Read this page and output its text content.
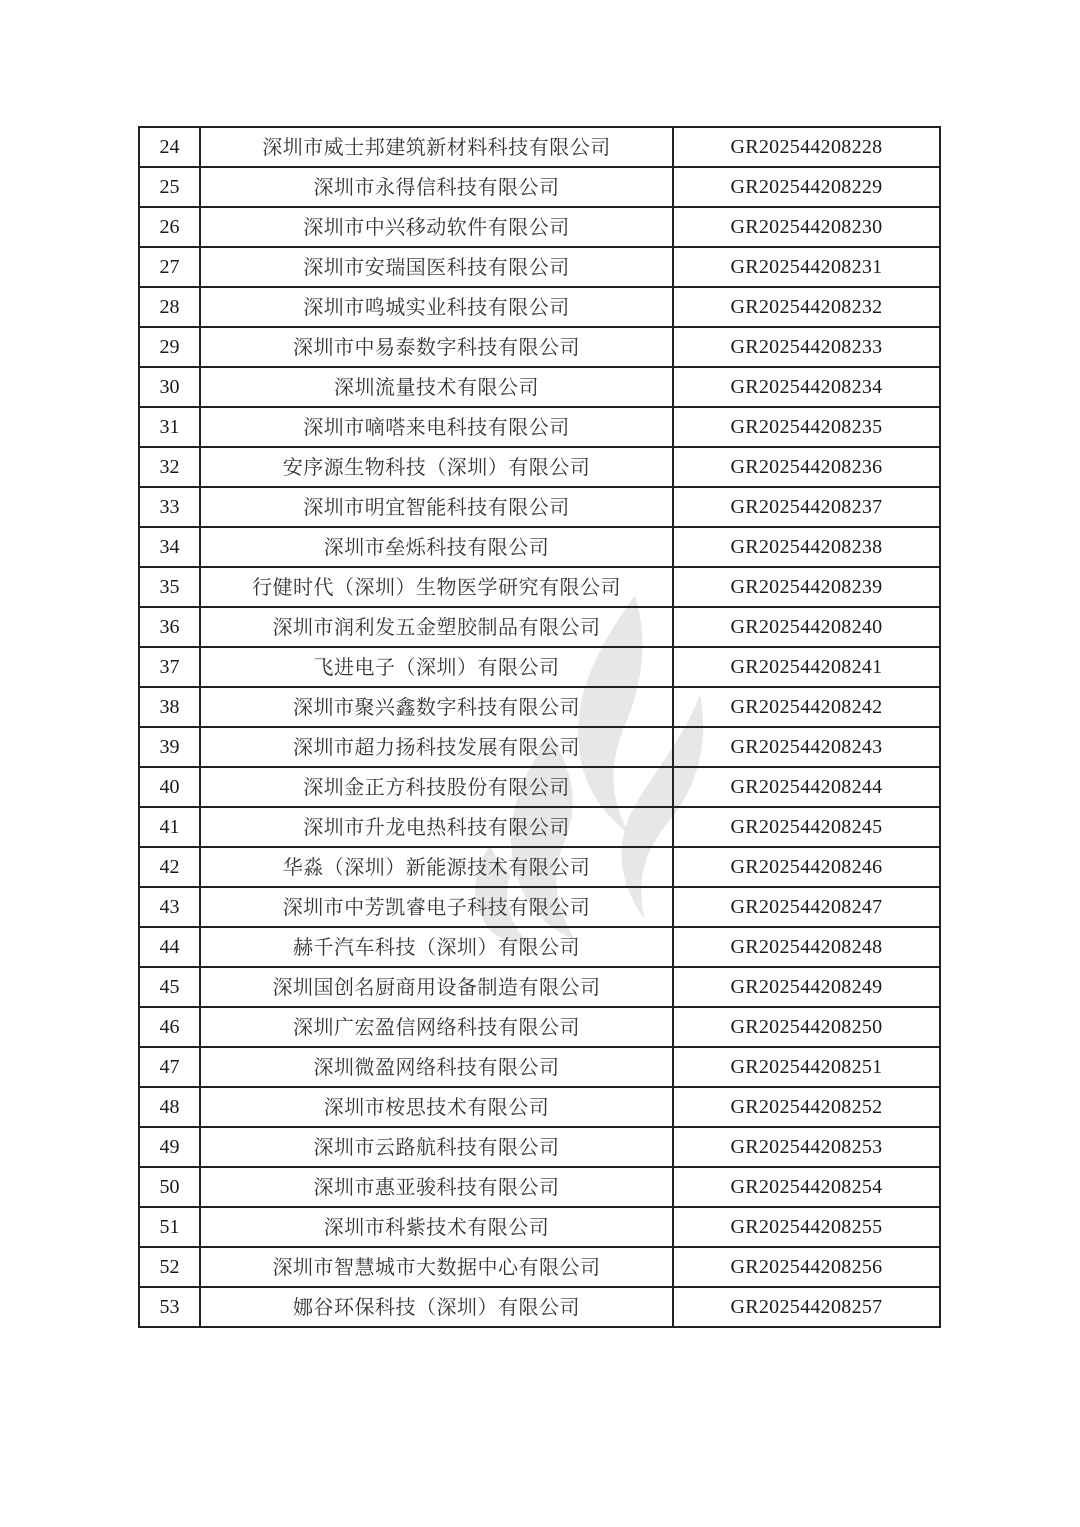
24	深圳市威士邦建筑新材料科技有限公司	GR202544208228
25	深圳市永得信科技有限公司	GR202544208229
26	深圳市中兴移动软件有限公司	GR202544208230
27	深圳市安瑞国医科技有限公司	GR202544208231
28	深圳市鸣城实业科技有限公司	GR202544208232
29	深圳市中易泰数字科技有限公司	GR202544208233
30	深圳流量技术有限公司	GR202544208234
31	深圳市嘀嗒来电科技有限公司	GR202544208235
32	安序源生物科技（深圳）有限公司	GR202544208236
33	深圳市明宜智能科技有限公司	GR202544208237
34	深圳市垒烁科技有限公司	GR202544208238
35	行健时代（深圳）生物医学研究有限公司	GR202544208239
36	深圳市润利发五金塑胶制品有限公司	GR202544208240
37	飞进电子（深圳）有限公司	GR202544208241
38	深圳市聚兴鑫数字科技有限公司	GR202544208242
39	深圳市超力扬科技发展有限公司	GR202544208243
40	深圳金正方科技股份有限公司	GR202544208244
41	深圳市升龙电热科技有限公司	GR202544208245
42	华淼（深圳）新能源技术有限公司	GR202544208246
43	深圳市中芳凯睿电子科技有限公司	GR202544208247
44	赫千汽车科技（深圳）有限公司	GR202544208248
45	深圳国创名厨商用设备制造有限公司	GR202544208249
46	深圳广宏盈信网络科技有限公司	GR202544208250
47	深圳微盈网络科技有限公司	GR202544208251
48	深圳市桉思技术有限公司	GR202544208252
49	深圳市云路航科技有限公司	GR202544208253
50	深圳市惠亚骏科技有限公司	GR202544208254
51	深圳市科紫技术有限公司	GR202544208255
52	深圳市智慧城市大数据中心有限公司	GR202544208256
53	娜谷环保科技（深圳）有限公司	GR202544208257
